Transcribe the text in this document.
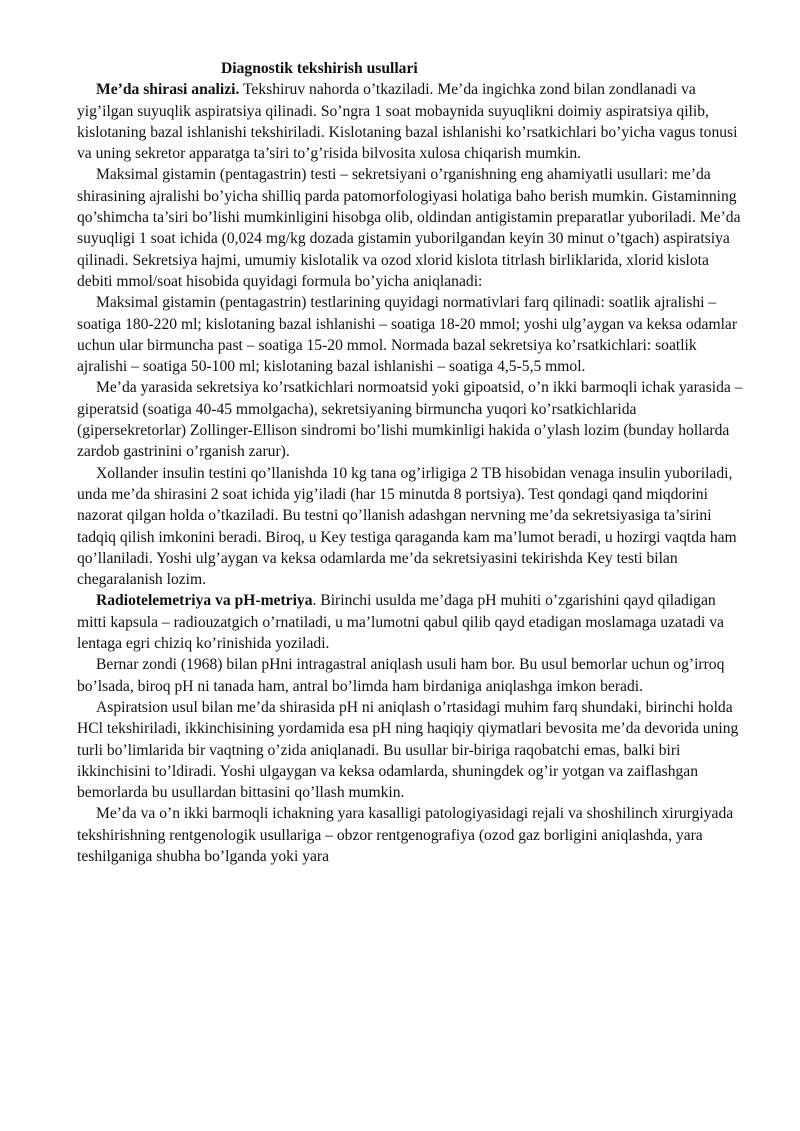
Diagnostik tekshirish usullari

Me’da shirasi analizi. Tekshiruv nahorda o’tkaziladi. Me’da ingichka zond bilan zondlanadi va yig’ilgan suyuqlik aspiratsiya qilinadi. So’ngra 1 soat mobaynida suyuqlikni doimiy aspiratsiya qilib, kislotaning bazal ishlanishi tekshiriladi. Kislotaning bazal ishlanishi ko’rsatkichlari bo’yicha vagus tonusi va uning sekretor apparatga ta’siri to’g’risida bilvosita xulosa chiqarish mumkin.

Maksimal gistamin (pentagastrin) testi – sekretsiyani o’rganishning eng ahamiyatli usullari: me’da shirasining ajralishi bo’yicha shilliq parda patomorfologiyasi holatiga baho berish mumkin. Gistaminning qo’shimcha ta’siri bo’lishi mumkinligini hisobga olib, oldindan antigistamin preparatlar yuboriladi. Me’da suyuqligi 1 soat ichida (0,024 mg/kg dozada gistamin yuborilgandan keyin 30 minut o’tgach) aspiratsiya qilinadi. Sekretsiya hajmi, umumiy kislotalik va ozod xlorid kislota titrlash birliklarida, xlorid kislota debiti mmol/soat hisobida quyidagi formula bo’yicha aniqlanadi:

Maksimal gistamin (pentagastrin) testlarining quyidagi normativlari farq qilinadi: soatlik ajralishi – soatiga 180-220 ml; kislotaning bazal ishlanishi – soatiga 18-20 mmol; yoshi ulg’aygan va keksa odamlar uchun ular birmuncha past – soatiga 15-20 mmol. Normada bazal sekretsiya ko’rsatkichlari: soatlik ajralishi – soatiga 50-100 ml; kislotaning bazal ishlanishi – soatiga 4,5-5,5 mmol.

Me’da yarasida sekretsiya ko’rsatkichlari normoatsid yoki gipoatsid, o’n ikki barmoqli ichak yarasida – giperatsid (soatiga 40-45 mmolgacha), sekretsiyaning birmuncha yuqori ko’rsatkichlarida (gipersekretorlar) Zollinger-Ellison sindromi bo’lishi mumkinligi hakida o’ylash lozim (bunday hollarda zardob gastrinini o’rganish zarur).

Xollander insulin testini qo’llanishda 10 kg tana og’irligiga 2 TB hisobidan venaga insulin yuboriladi, unda me’da shirasini 2 soat ichida yig’iladi (har 15 minutda 8 portsiya). Test qondagi qand miqdorini nazorat qilgan holda o’tkaziladi. Bu testni qo’llanish adashgan nervning me’da sekretsiyasiga ta’sirini tadqiq qilish imkonini beradi. Biroq, u Key testiga qaraganda kam ma’lumot beradi, u hozirgi vaqtda ham qo’llaniladi. Yoshi ulg’aygan va keksa odamlarda me’da sekretsiyasini tekirishda Key testi bilan chegaralanish lozim.

Radiotelemetriya va pH-metriya. Birinchi usulda me’daga pH muhiti o’zgarishini qayd qiladigan mitti kapsula – radiouzatgich o’rnatiladi, u ma’lumotni qabul qilib qayd etadigan moslamaga uzatadi va lentaga egri chiziq ko’rinishida yoziladi.

Bernar zondi (1968) bilan pHni intragastral aniqlash usuli ham bor. Bu usul bemorlar uchun og’irroq bo’lsada, biroq pH ni tanada ham, antral bo’limda ham birdaniga aniqlashga imkon beradi.

Aspiratsion usul bilan me’da shirasida pH ni aniqlash o’rtasidagi muhim farq shundaki, birinchi holda HCl tekshiriladi, ikkinchisining yordamida esa pH ning haqiqiy qiymatlari bevosita me’da devorida uning turli bo’limlarida bir vaqtning o’zida aniqlanadi. Bu usullar bir-biriga raqobatchi emas, balki biri ikkinchisini to’ldiradi. Yoshi ulgaygan va keksa odamlarda, shuningdek og’ir yotgan va zaiflashgan bemorlarda bu usullardan bittasini qo’llash mumkin.

Me’da va o’n ikki barmoqli ichakning yara kasalligi patologiyasidagi rejali va shoshilinch xirurgiyada tekshirishning rentgenologik usullariga – obzor rentgenografiya (ozod gaz borligini aniqlashda, yara teshilganiga shubha bo’lganda yoki yara
